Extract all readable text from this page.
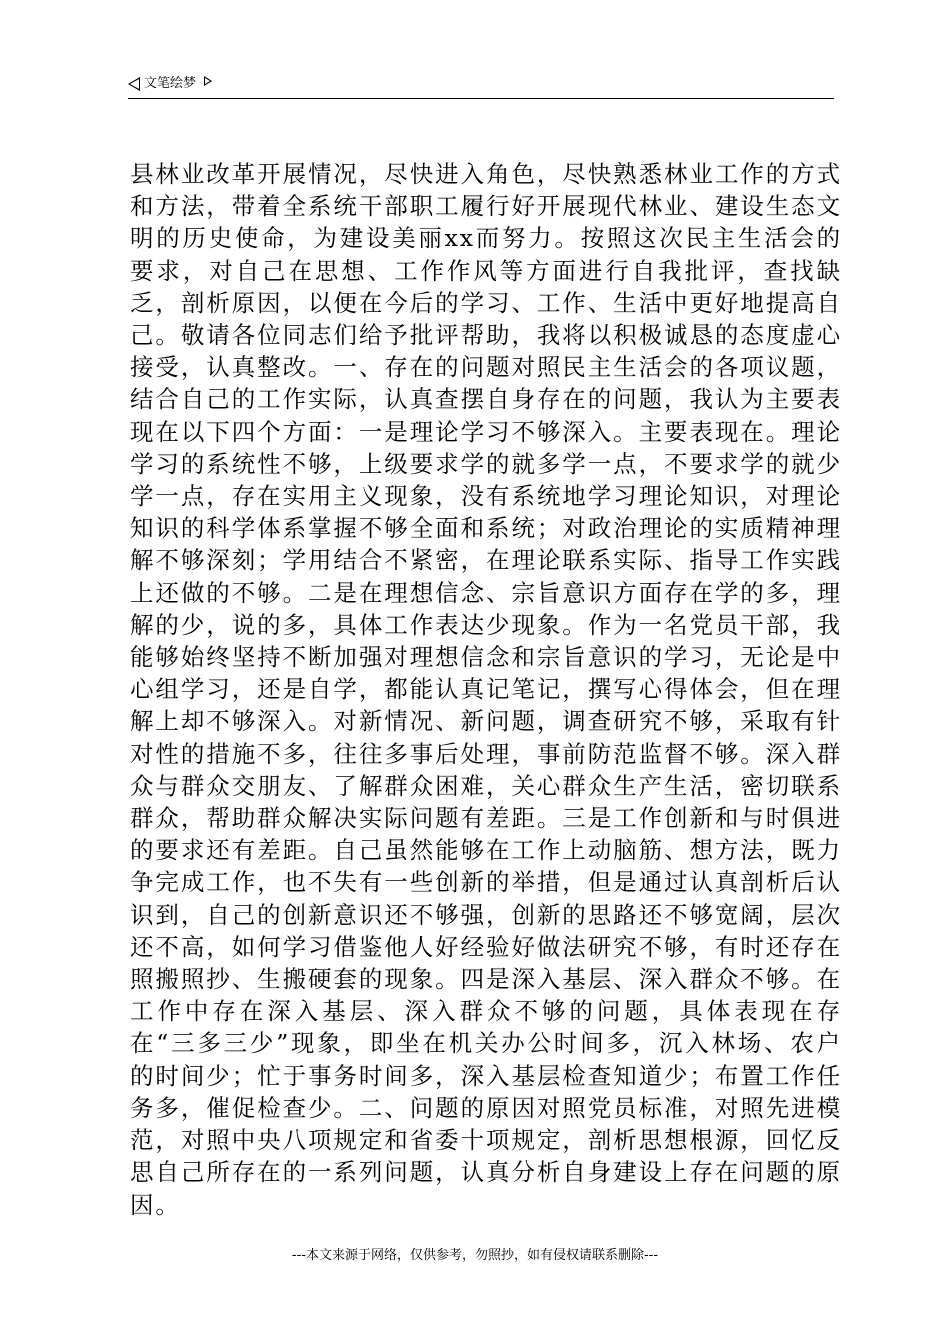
文笔绘梦

县林业改革开展情况，尽快进入角色，尽快熟悉林业工作的方式和方法，带着全系统干部职工履行好开展现代林业、建设生态文明的历史使命，为建设美丽xx而努力。按照这次民主生活会的要求，对自己在思想、工作作风等方面进行自我批评，查找缺乏，剖析原因，以便在今后的学习、工作、生活中更好地提高自己。敬请各位同志们给予批评帮助，我将以积极诚恳的态度虚心接受，认真整改。一、存在的问题对照民主生活会的各项议题，结合自己的工作实际，认真查摆自身存在的问题，我认为主要表现在以下四个方面：一是理论学习不够深入。主要表现在。理论学习的系统性不够，上级要求学的就多学一点，不要求学的就少学一点，存在实用主义现象，没有系统地学习理论知识，对理论知识的科学体系掌握不够全面和系统；对政治理论的实质精神理解不够深刻；学用结合不紧密，在理论联系实际、指导工作实践上还做的不够。二是在理想信念、宗旨意识方面存在学的多，理解的少，说的多，具体工作表达少现象。作为一名党员干部，我能够始终坚持不断加强对理想信念和宗旨意识的学习，无论是中心组学习，还是自学，都能认真记笔记，撰写心得体会，但在理解上却不够深入。对新情况、新问题，调查研究不够，采取有针对性的措施不多，往往多事后处理，事前防范监督不够。深入群众与群众交朋友、了解群众困难，关心群众生产生活，密切联系群众，帮助群众解决实际问题有差距。三是工作创新和与时俱进的要求还有差距。自己虽然能够在工作上动脑筋、想方法，既力争完成工作，也不失有一些创新的举措，但是通过认真剖析后认识到，自己的创新意识还不够强，创新的思路还不够宽阔，层次还不高，如何学习借鉴他人好经验好做法研究不够，有时还存在照搬照抄、生搬硬套的现象。四是深入基层、深入群众不够。在工作中存在深入基层、深入群众不够的问题，具体表现在存在“三多三少”现象，即坐在机关办公时间多，沉入林场、农户的时间少；忙于事务时间多，深入基层检查知道少；布置工作任务多，催促检查少。二、问题的原因对照党员标准，对照先进模范，对照中央八项规定和省委十项规定，剖析思想根源，回忆反思自己所存在的一系列问题，认真分析自身建设上存在问题的原因。

---本文来源于网络，仅供参考，勿照抄，如有侵权请联系删除---
